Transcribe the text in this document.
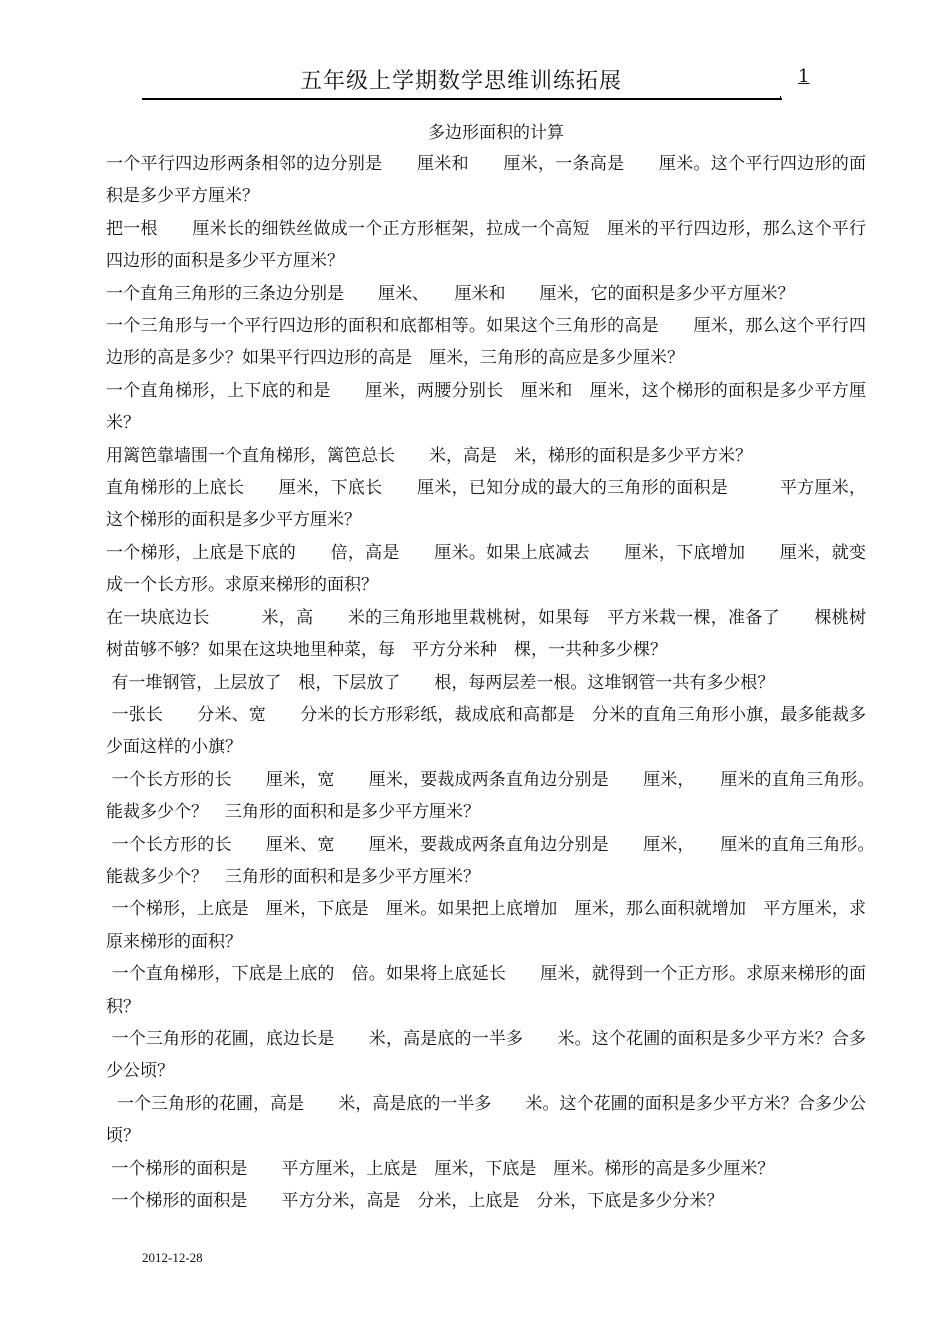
五年级上学期数学思维训练拓展	1
多边形面积的计算

一个平行四边形两条相邻的边分别是　　厘米和　　厘米，一条高是　　厘米。这个平行四边形的面积是多少平方厘米？

把一根　　厘米长的细铁丝做成一个正方形框架，拉成一个高短　厘米的平行四边形，那么这个平行四边形的面积是多少平方厘米？

一个直角三角形的三条边分别是　　厘米、　　厘米和　　厘米，它的面积是多少平方厘米？

一个三角形与一个平行四边形的面积和底都相等。如果这个三角形的高是　　厘米，那么这个平行四边形的高是多少？如果平行四边形的高是　厘米，三角形的高应是多少厘米？

一个直角梯形，上下底的和是　　厘米，两腰分别长　厘米和　厘米，这个梯形的面积是多少平方厘米？

用篱笆靠墙围一个直角梯形，篱笆总长　　米，高是　米，梯形的面积是多少平方米？

直角梯形的上底长　　厘米，下底长　　厘米，已知分成的最大的三角形的面积是　　　平方厘米，这个梯形的面积是多少平方厘米？

一个梯形，上底是下底的　　倍，高是　　厘米。如果上底减去　　厘米，下底增加　　厘米，就变成一个长方形。求原来梯形的面积？

在一块底边长　　　米，高　　米的三角形地里栽桃树，如果每　平方米栽一棵，准备了　　棵桃树树苗够不够？如果在这块地里种菜，每　平方分米种　棵，一共种多少棵？

有一堆钢管，上层放了　根，下层放了　　根，每两层差一根。这堆钢管一共有多少根？

一张长　　分米、宽　　分米的长方形彩纸，裁成底和高都是　分米的直角三角形小旗，最多能裁多少面这样的小旗？

一个长方形的长　　厘米，宽　　厘米，要裁成两条直角边分别是　　厘米，　　厘米的直角三角形。　能裁多少个？　三角形的面积和是多少平方厘米？

一个长方形的长　　厘米、宽　　厘米，要裁成两条直角边分别是　　厘米，　　厘米的直角三角形。　能裁多少个？　三角形的面积和是多少平方厘米？

一个梯形，上底是　厘米，下底是　厘米。如果把上底增加　厘米，那么面积就增加　平方厘米，求原来梯形的面积？

一个直角梯形，下底是上底的　倍。如果将上底延长　　厘米，就得到一个正方形。求原来梯形的面积？

一个三角形的花圃，底边长是　　米，高是底的一半多　　米。这个花圃的面积是多少平方米？合多少公顷？

一个三角形的花圃，高是　　米，高是底的一半多　　米。这个花圃的面积是多少平方米？合多少公顷？

一个梯形的面积是　　平方厘米，上底是　厘米，下底是　厘米。梯形的高是多少厘米？

一个梯形的面积是　　平方分米，高是　分米，上底是　分米，下底是多少分米？

2012-12-28
